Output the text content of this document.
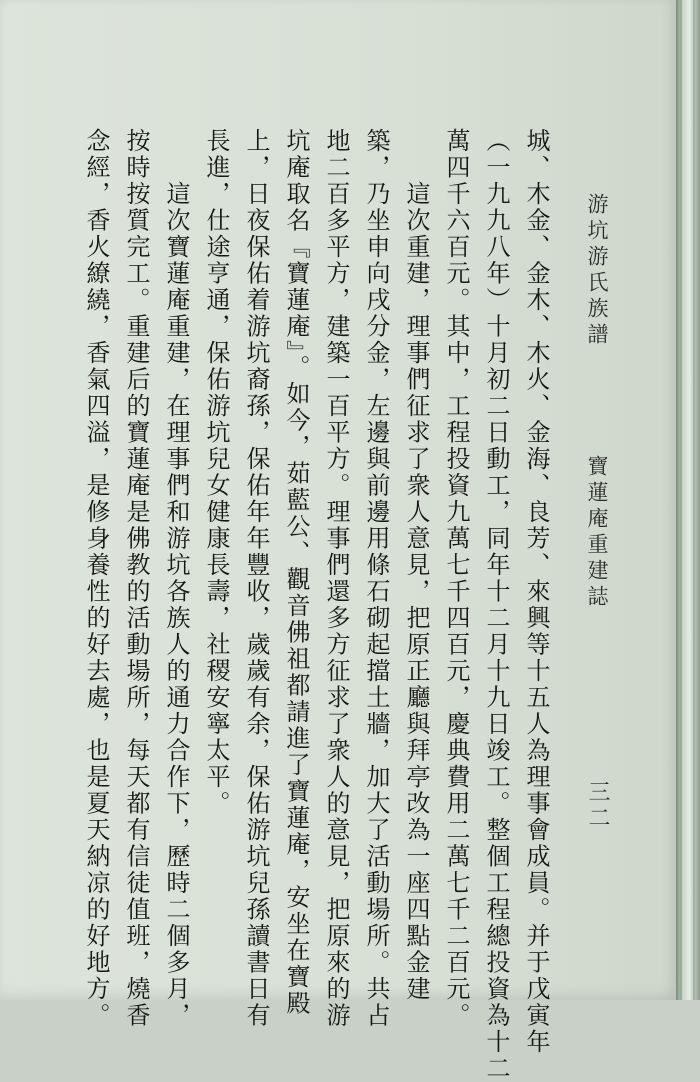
游坑游氏族譜
寶蓮庵重建誌
三二
城、木金、金木、木火、金海、良芳、來興等十五人為理事會成員。并于戊寅年
（一九九八年）十月初二日動工，同年十二月十九日竣工。整個工程總投資為十二
萬四千六百元。其中，工程投資九萬七千四百元，慶典費用二萬七千二百元。
　　這次重建，理事們征求了衆人意見，把原正廳與拜亭改為一座四點金建
築，乃坐申向戌分金，左邊與前邊用條石砌起擋土牆，加大了活動場所。共占
地二百多平方，建築一百平方。理事們還多方征求了衆人的意見，把原來的游
坑庵取名『寶蓮庵』。如今，茹藍公、觀音佛祖都請進了寶蓮庵，安坐在寶殿
上，日夜保佑着游坑裔孫，保佑年年豐收，歲歲有余，保佑游坑兒孫讀書日有
長進，仕途亨通，保佑游坑兒女健康長壽，社稷安寧太平。
　　這次寶蓮庵重建，在理事們和游坑各族人的通力合作下，歷時二個多月，
按時按質完工。重建后的寶蓮庵是佛教的活動場所，每天都有信徒值班，燒香
念經，香火繚繞，香氣四溢，是修身養性的好去處，也是夏天納凉的好地方。
